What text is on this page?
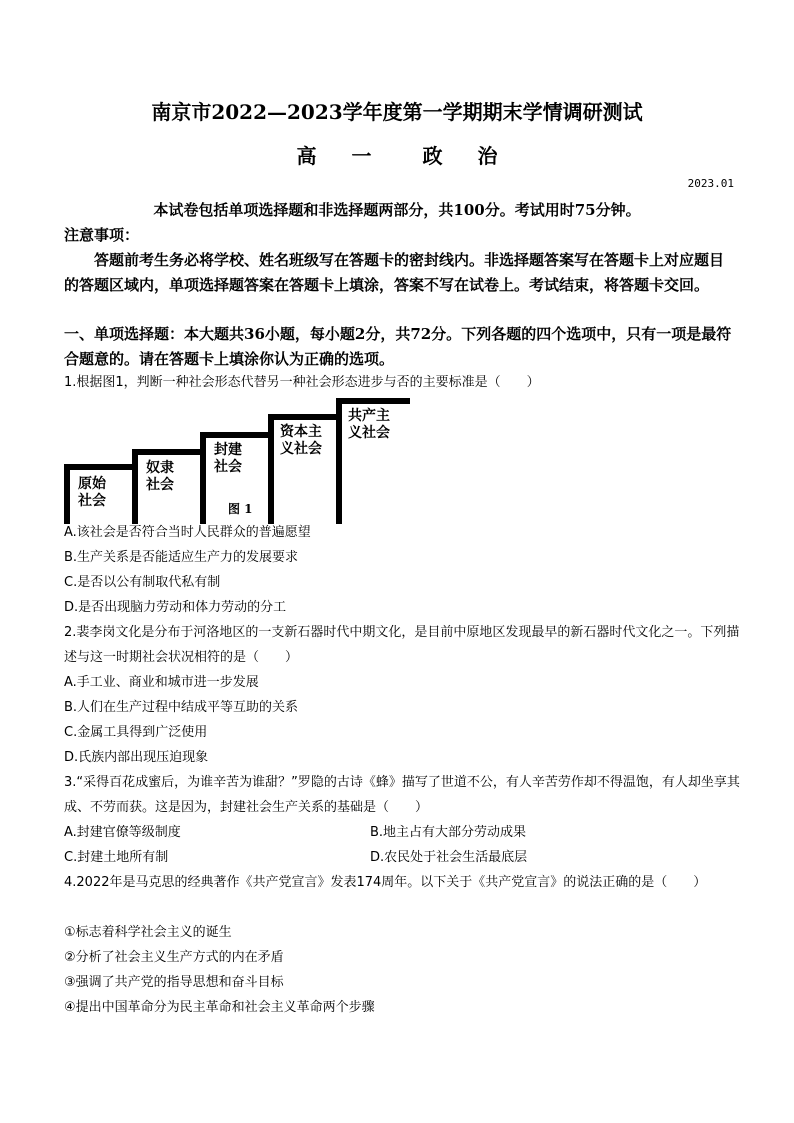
南京市2022—2023学年度第一学期期末学情调研测试
高 一	政 治
2023.01
本试卷包括单项选择题和非选择题两部分，共100分。考试用时75分钟。
注意事项：
答题前考生务必将学校、姓名班级写在答题卡的密封线内。非选择题答案写在答题卡上对应题目的答题区域内，单项选择题答案在答题卡上填涂，答案不写在试卷上。考试结束，将答题卡交回。
一、单项选择题：本大题共36小题，每小题2分，共72分。下列各题的四个选项中，只有一项是最符合题意的。请在答题卡上填涂你认为正确的选项。
1.根据图1，判断一种社会形态代替另一种社会形态进步与否的主要标准是（　　）
原始
社会
奴隶
社会
封建
社会
资本主
义社会
共产主
义社会
图 1
A.该社会是否符合当时人民群众的普遍愿望
B.生产关系是否能适应生产力的发展要求
C.是否以公有制取代私有制
D.是否出现脑力劳动和体力劳动的分工
2.裴李岗文化是分布于河洛地区的一支新石器时代中期文化，是目前中原地区发现最早的新石器时代文化之一。下列描述与这一时期社会状况相符的是（　　）
A.手工业、商业和城市进一步发展
B.人们在生产过程中结成平等互助的关系
C.金属工具得到广泛使用
D.氏族内部出现压迫现象
3.“采得百花成蜜后，为谁辛苦为谁甜？”罗隐的古诗《蜂》描写了世道不公，有人辛苦劳作却不得温饱，有人却坐享其成、不劳而获。这是因为，封建社会生产关系的基础是（　　）
A.封建官僚等级制度	B.地主占有大部分劳动成果
C.封建土地所有制	D.农民处于社会生活最底层
4.2022年是马克思的经典著作《共产党宣言》发表174周年。以下关于《共产党宣言》的说法正确的是（　　）
①标志着科学社会主义的诞生
②分析了社会主义生产方式的内在矛盾
③强调了共产党的指导思想和奋斗目标
④提出中国革命分为民主革命和社会主义革命两个步骤
